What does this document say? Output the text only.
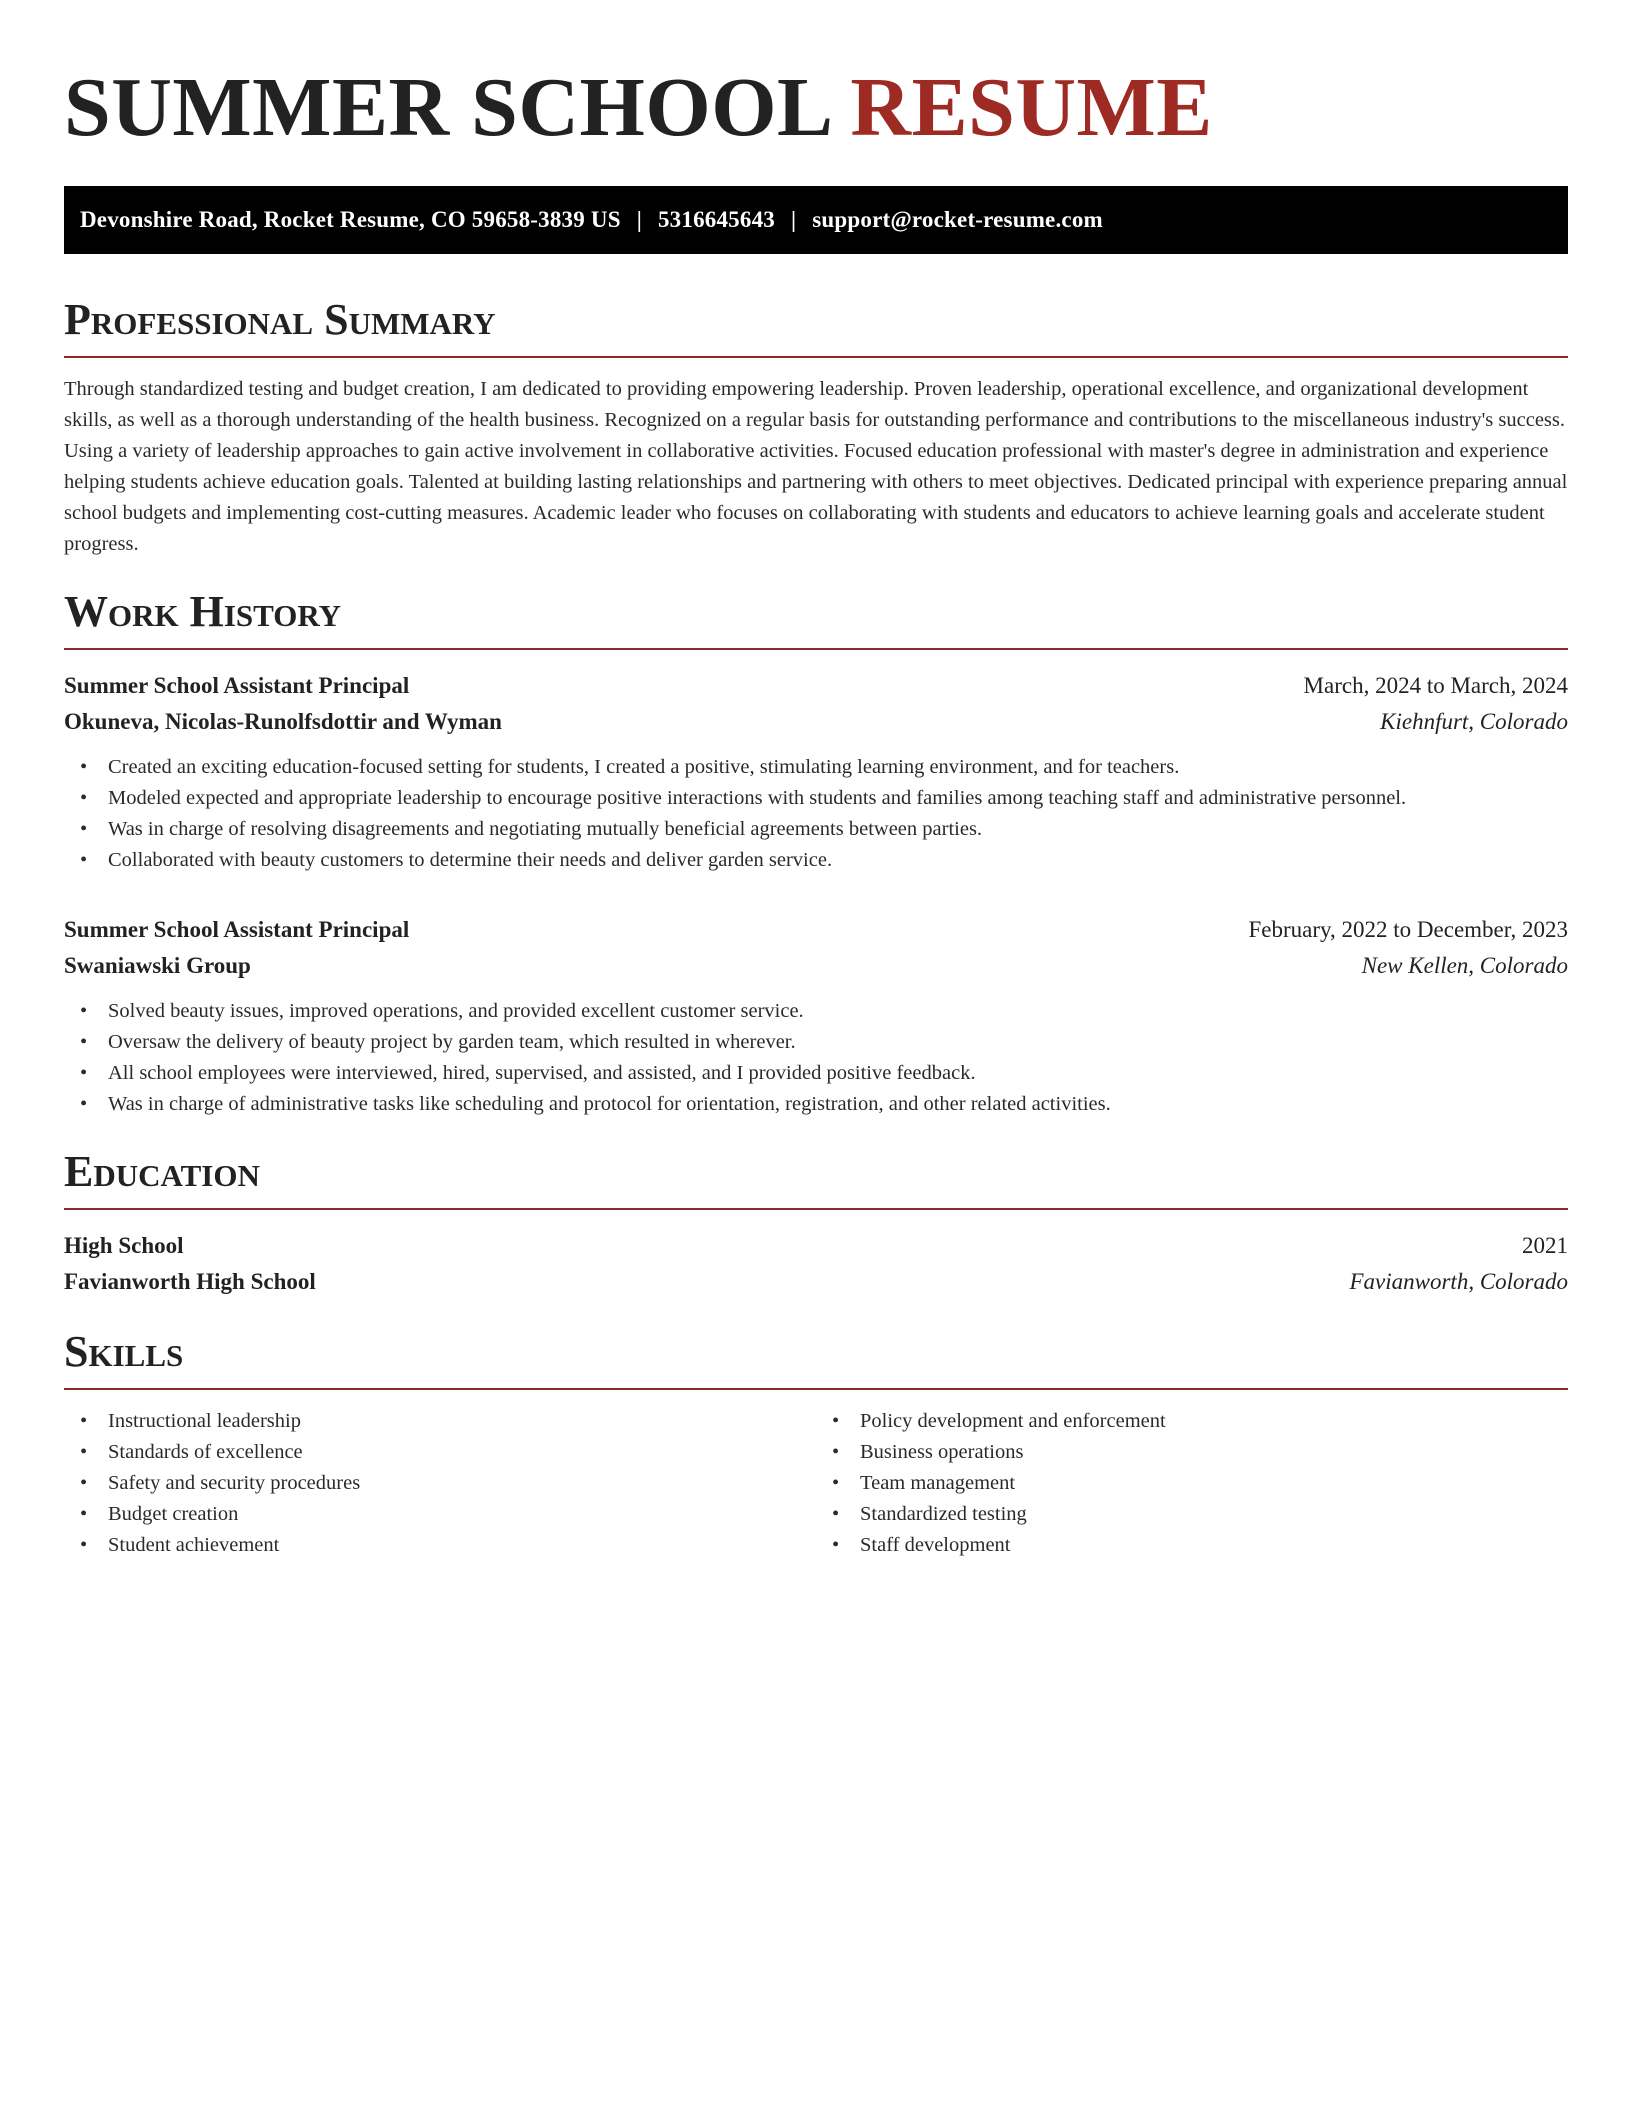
SUMMER SCHOOL RESUME
Devonshire Road, Rocket Resume, CO 59658-3839 US | 5316645643 | support@rocket-resume.com
Professional Summary

Through standardized testing and budget creation, I am dedicated to providing empowering leadership. Proven leadership, operational excellence, and organizational development skills, as well as a thorough understanding of the health business. Recognized on a regular basis for outstanding performance and contributions to the miscellaneous industry's success. Using a variety of leadership approaches to gain active involvement in collaborative activities. Focused education professional with master's degree in administration and experience helping students achieve education goals. Talented at building lasting relationships and partnering with others to meet objectives. Dedicated principal with experience preparing annual school budgets and implementing cost-cutting measures. Academic leader who focuses on collaborating with students and educators to achieve learning goals and accelerate student progress.

Work History
Summer School Assistant Principal	March, 2024 to March, 2024
Okuneva, Nicolas-Runolfsdottir and Wyman	Kiehnfurt, Colorado
• Created an exciting education-focused setting for students, I created a positive, stimulating learning environment, and for teachers.
• Modeled expected and appropriate leadership to encourage positive interactions with students and families among teaching staff and administrative personnel.
• Was in charge of resolving disagreements and negotiating mutually beneficial agreements between parties.
• Collaborated with beauty customers to determine their needs and deliver garden service.
Summer School Assistant Principal	February, 2022 to December, 2023
Swaniawski Group	New Kellen, Colorado
• Solved beauty issues, improved operations, and provided excellent customer service.
• Oversaw the delivery of beauty project by garden team, which resulted in wherever.
• All school employees were interviewed, hired, supervised, and assisted, and I provided positive feedback.
• Was in charge of administrative tasks like scheduling and protocol for orientation, registration, and other related activities.
Education
High School	2021
Favianworth High School	Favianworth, Colorado
Skills
• Instructional leadership
• Standards of excellence
• Safety and security procedures
• Budget creation
• Student achievement
• Policy development and enforcement
• Business operations
• Team management
• Standardized testing
• Staff development
